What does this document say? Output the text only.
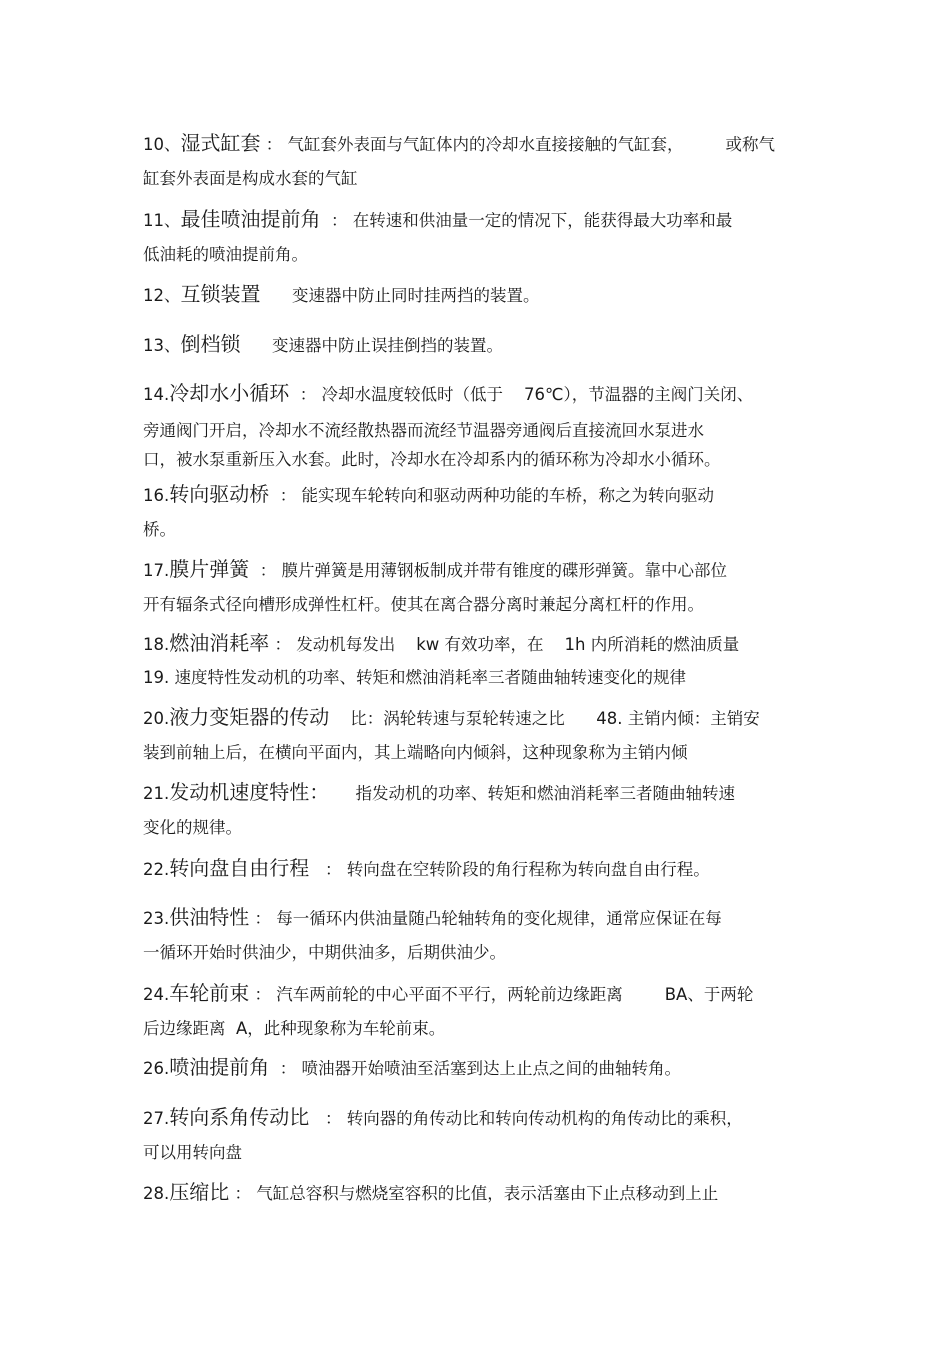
10、湿式缸套 ： 气缸套外表面与气缸体内的冷却水直接接触的气缸套，        或称气
缸套外表面是构成水套的气缸
11、最佳喷油提前角  ： 在转速和供油量一定的情况下，能获得最大功率和最
低油耗的喷油提前角。
12、互锁装置 变速器中防止同时挂两挡的装置。
13、倒档锁 变速器中防止误挂倒挡的装置。
14.冷却水小循环  ： 冷却水温度较低时（低于    76℃），节温器的主阀门关闭、
旁通阀门开启，冷却水不流经散热器而流经节温器旁通阀后直接流回水泵进水
口，被水泵重新压入水套。此时，冷却水在冷却系内的循环称为冷却水小循环。
16.转向驱动桥  ： 能实现车轮转向和驱动两种功能的车桥，称之为转向驱动
桥。
17.膜片弹簧  ： 膜片弹簧是用薄钢板制成并带有锥度的碟形弹簧。靠中心部位
开有辐条式径向槽形成弹性杠杆。使其在离合器分离时兼起分离杠杆的作用。
18.燃油消耗率 ： 发动机每发出    kw 有效功率，在    1h 内所消耗的燃油质量
19. 速度特性发动机的功率、转矩和燃油消耗率三者随曲轴转速变化的规律
20.液力变矩器的传动 比：涡轮转速与泵轮转速之比      48. 主销内倾：主销安
装到前轴上后，在横向平面内，其上端略向内倾斜，这种现象称为主销内倾
21.发动机速度特性： 指发动机的功率、转矩和燃油消耗率三者随曲轴转速
变化的规律。
22.转向盘自由行程   ： 转向盘在空转阶段的角行程称为转向盘自由行程。
23.供油特性 ： 每一循环内供油量随凸轮轴转角的变化规律，通常应保证在每
一循环开始时供油少，中期供油多，后期供油少。
24.车轮前束 ： 汽车两前轮的中心平面不平行，两轮前边缘距离        BA、于两轮
后边缘距离  A，此种现象称为车轮前束。
26.喷油提前角  ： 喷油器开始喷油至活塞到达上止点之间的曲轴转角。
27.转向系角传动比   ： 转向器的角传动比和转向传动机构的角传动比的乘积，
可以用转向盘
28.压缩比 ： 气缸总容积与燃烧室容积的比值，表示活塞由下止点移动到上止
